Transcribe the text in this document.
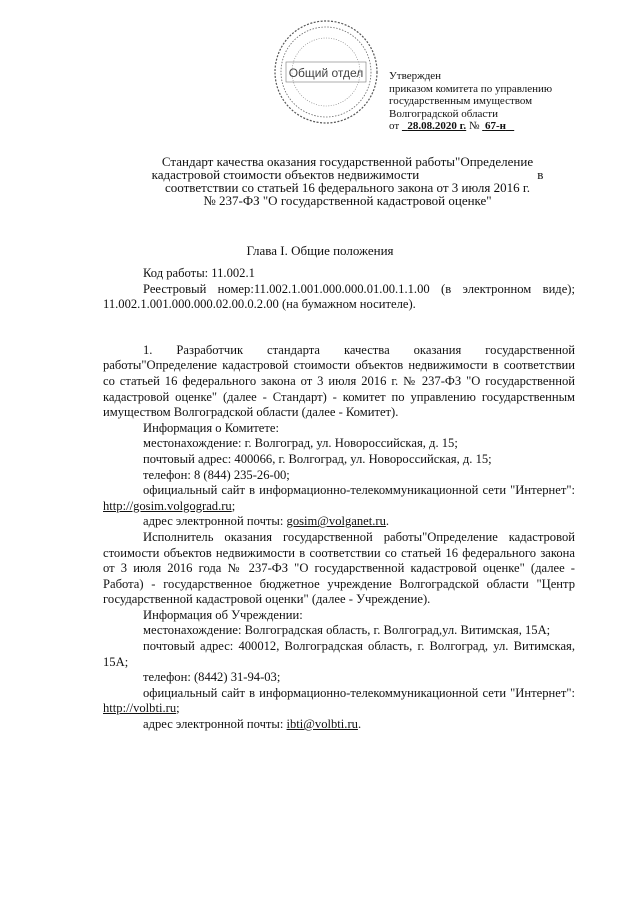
Общий отдел Утвержден
приказом комитета по управлению
государственным имуществом
Волгоградской области
от 28.08.2020 г. № 67-н
Стандарт качества оказания государственной работы"Определение
кадастровой стоимости объектов недвижимости	в
соответствии со статьей 16 федерального закона от 3 июля 2016 г.
№ 237-ФЗ "О государственной кадастровой оценке"
Глава I. Общие положения

Код работы: 11.002.1

Реестровый номер:11.002.1.001.000.000.01.00.1.1.00 (в электронном виде); 11.002.1.001.000.000.02.00.0.2.00 (на бумажном носителе).

1. Разработчик стандарта качества оказания государственной работы"Определение кадастровой стоимости объектов недвижимости в соответствии со статьей 16 федерального закона от 3 июля 2016 г. № 237-ФЗ "О государственной кадастровой оценке" (далее - Стандарт) - комитет по управлению государственным имуществом Волгоградской области (далее - Комитет).

Информация о Комитете:

местонахождение: г. Волгоград, ул. Новороссийская, д. 15;

почтовый адрес: 400066, г. Волгоград, ул. Новороссийская, д. 15;

телефон: 8 (844) 235-26-00;

официальный сайт в информационно-телекоммуникационной сети "Интернет": http://gosim.volgograd.ru;

адрес электронной почты: gosim@volganet.ru.

Исполнитель оказания государственной работы"Определение кадастровой стоимости объектов недвижимости в соответствии со статьей 16 федерального закона от 3 июля 2016 года № 237-ФЗ "О государственной кадастровой оценке" (далее - Работа) - государственное бюджетное учреждение Волгоградской области "Центр государственной кадастровой оценки" (далее - Учреждение).

Информация об Учреждении:

местонахождение: Волгоградская область, г. Волгоград,ул. Витимская, 15А;

почтовый адрес: 400012, Волгоградская область, г. Волгоград, ул. Витимская, 15А;

телефон: (8442) 31-94-03;

официальный сайт в информационно-телекоммуникационной сети "Интернет": http://volbti.ru;

адрес электронной почты: ibti@volbti.ru.
